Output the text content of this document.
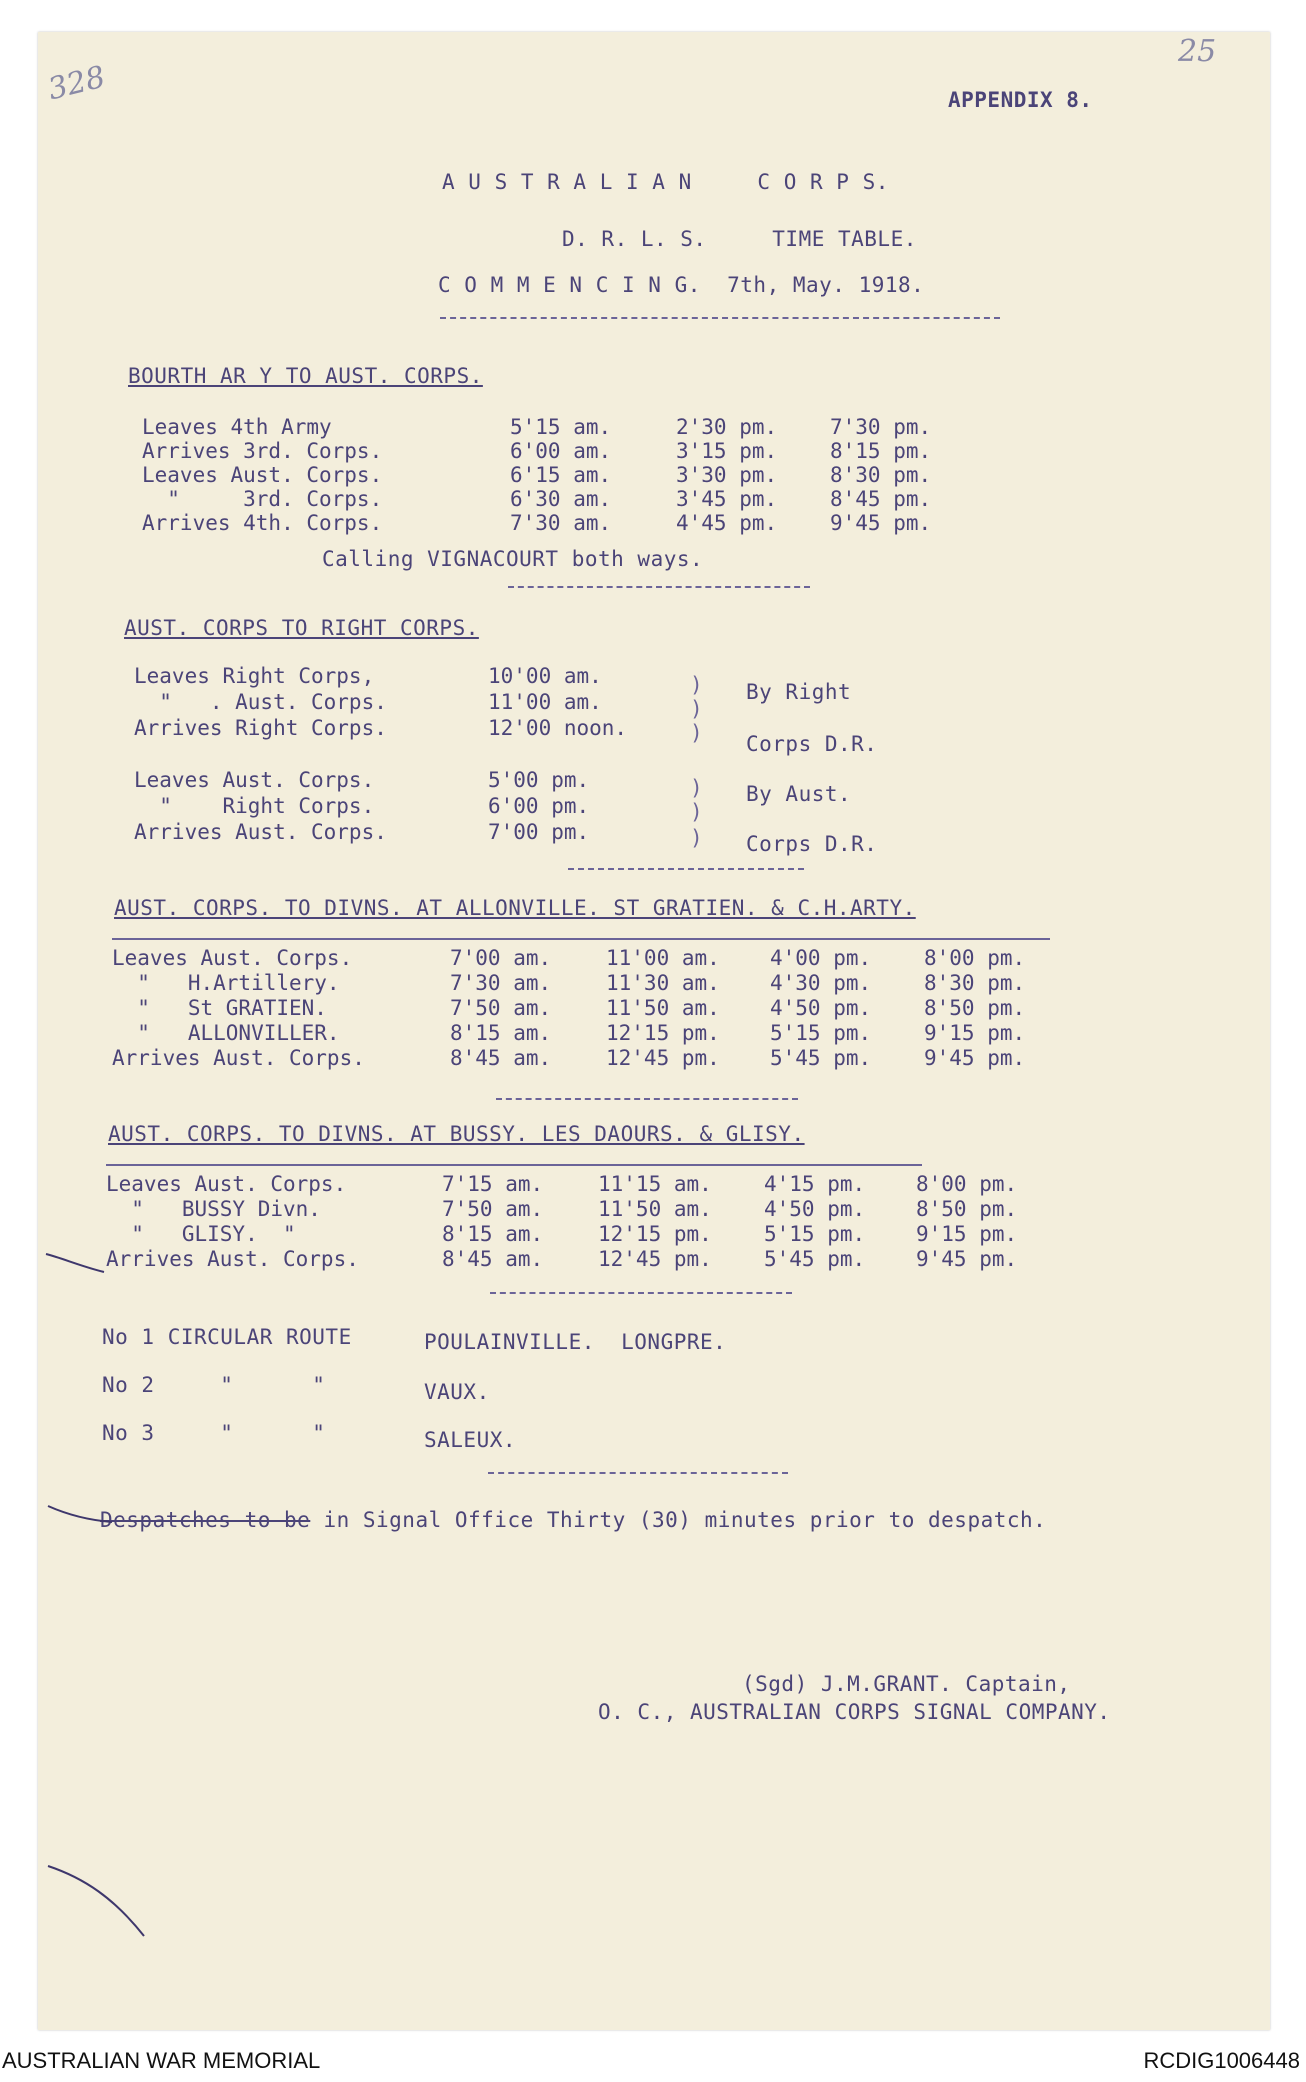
328
25
APPENDIX 8.
A U S T R A L I A N     C O R P S.
D. R. L. S.     TIME TABLE.
C O M M E N C I N G.  7th, May. 1918.
BOURTH AR Y TO AUST. CORPS.
Leaves 4th Army	5'15 am.	2'30 pm.	7'30 pm.
Arrives 3rd. Corps.	6'00 am.	3'15 pm.	8'15 pm.
Leaves Aust. Corps.	6'15 am.	3'30 pm.	8'30 pm.
"     3rd. Corps.	6'30 am.	3'45 pm.	8'45 pm.
Arrives 4th. Corps.	7'30 am.	4'45 pm.	9'45 pm.
Calling VIGNACOURT both ways.
AUST. CORPS TO RIGHT CORPS.
Leaves Right Corps,	10'00 am.
"   . Aust. Corps.	11'00 am.
Arrives Right Corps.	12'00 noon.
Leaves Aust. Corps.	5'00 pm.
"    Right Corps.	6'00 pm.
Arrives Aust. Corps.	7'00 pm.
)
)
)
)
)
)
By Right
Corps D.R.
By Aust.
Corps D.R.
AUST. CORPS. TO DIVNS. AT ALLONVILLE. ST GRATIEN. & C.H.ARTY.
Leaves Aust. Corps.	7'00 am.	11'00 am. 4'00 pm.	8'00 pm.
"   H.Artillery.	7'30 am.	11'30 am. 4'30 pm.	8'30 pm.
"   St GRATIEN.	7'50 am.	11'50 am. 4'50 pm.	8'50 pm.
"   ALLONVILLER.	8'15 am.	12'15 pm. 5'15 pm.	9'15 pm.
Arrives Aust. Corps.	8'45 am.	12'45 pm. 5'45 pm.	9'45 pm.
AUST. CORPS. TO DIVNS. AT BUSSY. LES DAOURS. & GLISY.
Leaves Aust. Corps.	7'15 am.	11'15 am. 4'15 pm. 8'00 pm.
"   BUSSY Divn.	7'50 am.	11'50 am. 4'50 pm. 8'50 pm.
"   GLISY.  "	8'15 am.	12'15 pm. 5'15 pm. 9'15 pm.
Arrives Aust. Corps.	8'45 am.	12'45 pm. 5'45 pm. 9'45 pm.
No 1 CIRCULAR ROUTE	POULAINVILLE.  LONGPRE.
No 2     "      "	VAUX.
No 3     "      "	SALEUX.
Despatches to be in Signal Office Thirty (30) minutes prior to despatch.
(Sgd) J.M.GRANT. Captain,
O. C., AUSTRALIAN CORPS SIGNAL COMPANY.
AUSTRALIAN WAR MEMORIAL	RCDIG1006448
